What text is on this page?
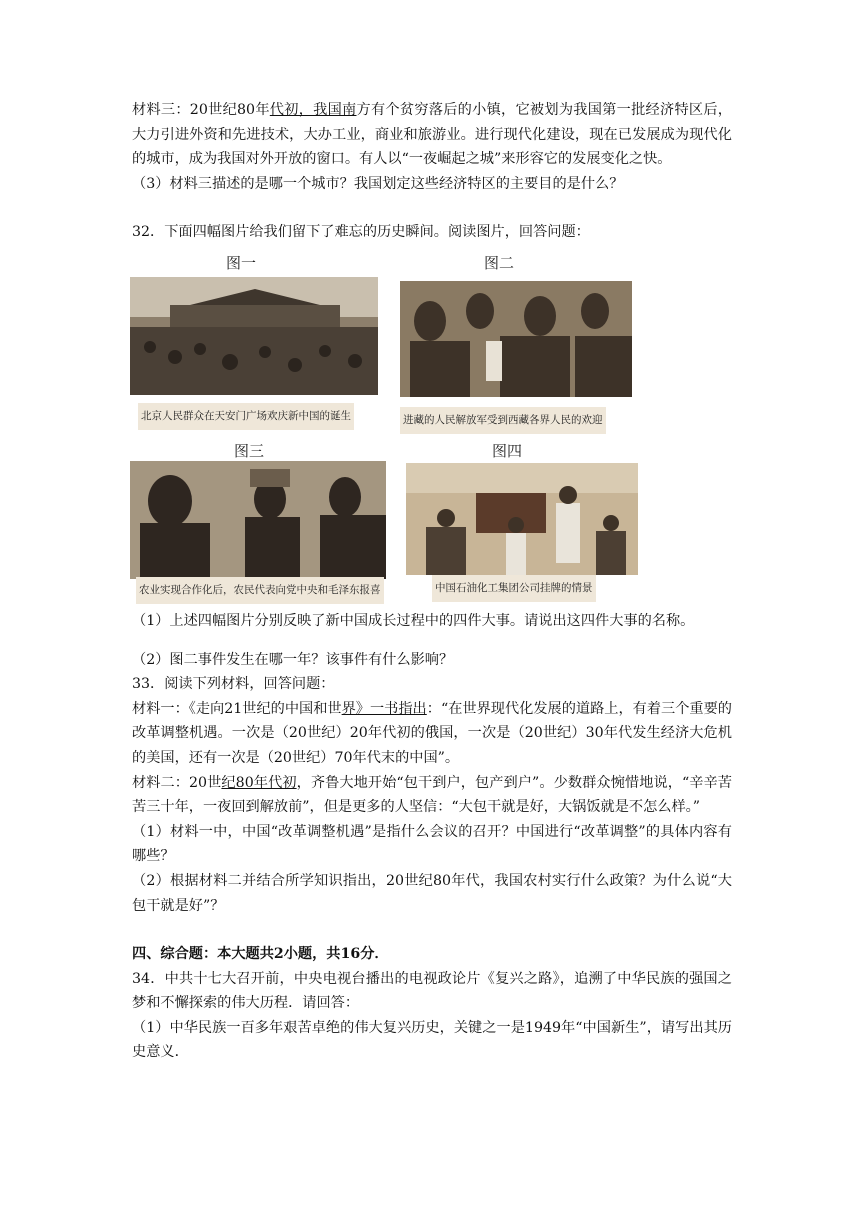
材料三：20世纪80年代初，我国南方有个贫穷落后的小镇，它被划为我国第一批经济特区后，大力引进外资和先进技术，大办工业，商业和旅游业。进行现代化建设，现在已发展成为现代化的城市，成为我国对外开放的窗口。有人以“一夜崛起之城”来形容它的发展变化之快。

（3）材料三描述的是哪一个城市？我国划定这些经济特区的主要目的是什么？

32．下面四幅图片给我们留下了难忘的历史瞬间。阅读图片，回答问题：

图一
北京人民群众在天安门广场欢庆新中国的诞生
图二
进藏的人民解放军受到西藏各界人民的欢迎
图三
农业实现合作化后，农民代表向党中央和毛泽东报喜
图四
中国石油化工集团公司挂牌的情景

（1）上述四幅图片分别反映了新中国成长过程中的四件大事。请说出这四件大事的名称。

（2）图二事件发生在哪一年？该事件有什么影响？

33．阅读下列材料，回答问题：

材料一：《走向21世纪的中国和世界》一书指出：“在世界现代化发展的道路上，有着三个重要的改革调整机遇。一次是（20世纪）20年代初的俄国，一次是（20世纪）30年代发生经济大危机的美国，还有一次是（20世纪）70年代末的中国”。

材料二：20世纪80年代初，齐鲁大地开始“包干到户，包产到户”。少数群众惋惜地说，“辛辛苦苦三十年，一夜回到解放前”，但是更多的人坚信：“大包干就是好，大锅饭就是不怎么样。”

（1）材料一中，中国“改革调整机遇”是指什么会议的召开？中国进行“改革调整”的具体内容有哪些？

（2）根据材料二并结合所学知识指出，20世纪80年代，我国农村实行什么政策？为什么说“大包干就是好”？

四、综合题：本大题共2小题，共16分．

34．中共十七大召开前，中央电视台播出的电视政论片《复兴之路》，追溯了中华民族的强国之梦和不懈探索的伟大历程．请回答：

（1）中华民族一百多年艰苦卓绝的伟大复兴历史，关键之一是1949年“中国新生”，请写出其历史意义．
